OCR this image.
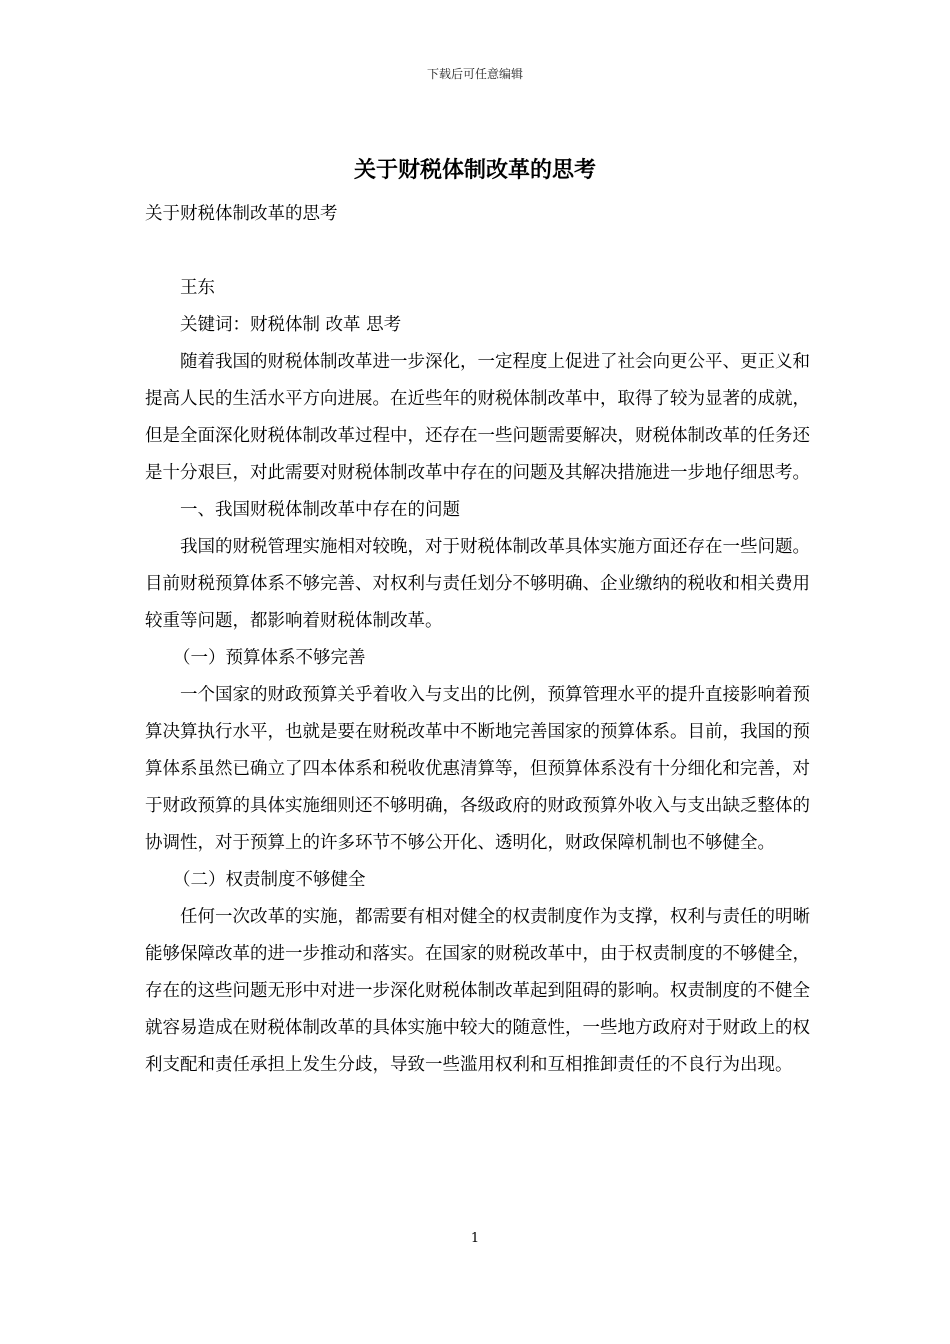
下载后可任意编辑
关于财税体制改革的思考

关于财税体制改革的思考

王东

关键词：财税体制 改革 思考

随着我国的财税体制改革进一步深化，一定程度上促进了社会向更公平、更正义和提高人民的生活水平方向进展。在近些年的财税体制改革中，取得了较为显著的成就，但是全面深化财税体制改革过程中，还存在一些问题需要解决，财税体制改革的任务还是十分艰巨，对此需要对财税体制改革中存在的问题及其解决措施进一步地仔细思考。

一、我国财税体制改革中存在的问题

我国的财税管理实施相对较晚，对于财税体制改革具体实施方面还存在一些问题。目前财税预算体系不够完善、对权利与责任划分不够明确、企业缴纳的税收和相关费用较重等问题，都影响着财税体制改革。

（一）预算体系不够完善

一个国家的财政预算关乎着收入与支出的比例，预算管理水平的提升直接影响着预算决算执行水平，也就是要在财税改革中不断地完善国家的预算体系。目前，我国的预算体系虽然已确立了四本体系和税收优惠清算等，但预算体系没有十分细化和完善，对于财政预算的具体实施细则还不够明确，各级政府的财政预算外收入与支出缺乏整体的协调性，对于预算上的许多环节不够公开化、透明化，财政保障机制也不够健全。

（二）权责制度不够健全

任何一次改革的实施，都需要有相对健全的权责制度作为支撑，权利与责任的明晰能够保障改革的进一步推动和落实。在国家的财税改革中，由于权责制度的不够健全，存在的这些问题无形中对进一步深化财税体制改革起到阻碍的影响。权责制度的不健全就容易造成在财税体制改革的具体实施中较大的随意性，一些地方政府对于财政上的权利支配和责任承担上发生分歧，导致一些滥用权利和互相推卸责任的不良行为出现。

1
